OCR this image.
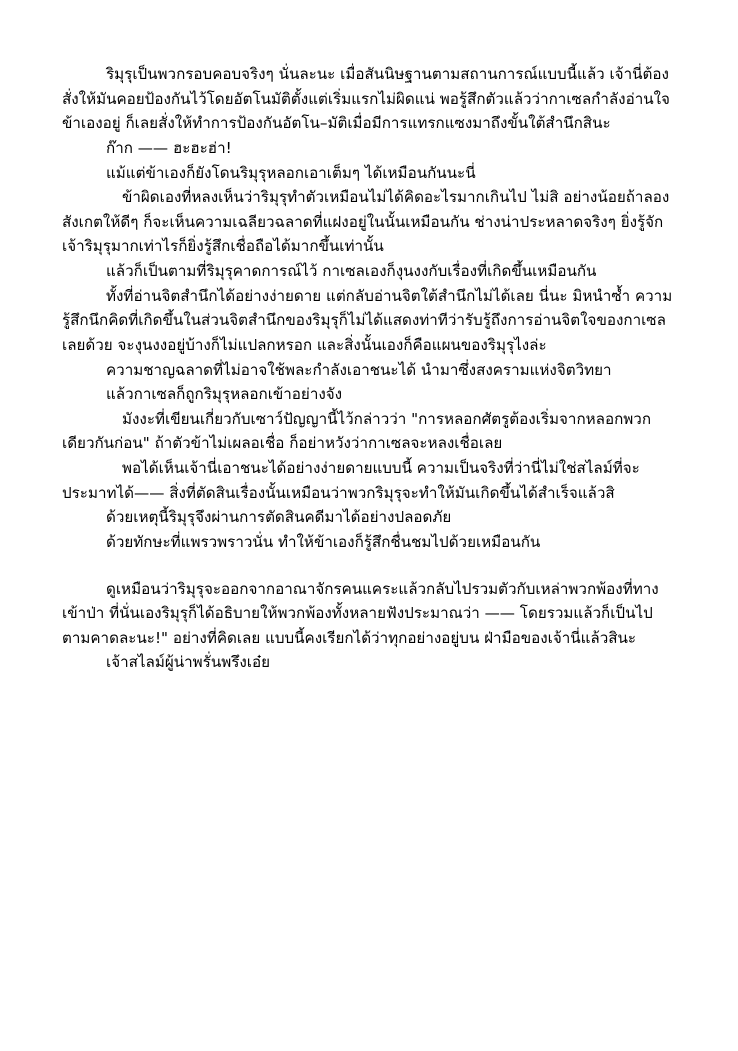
ริมุรุเป็นพวกรอบคอบจริงๆ นั่นละนะ เมื่อสันนิษฐานตามสถานการณ์แบบนี้แล้ว เจ้านี่ต้องสั่งให้มันคอยป้องกันไว้โดยอัตโนมัติตั้งแต่เริ่มแรกไม่ผิดแน่ พอรู้สึกตัวแล้วว่ากาเซลกำลังอ่านใจข้าเองอยู่ ก็เลยสั่งให้ทำการป้องกันอัตโน–มัติเมื่อมีการแทรกแซงมาถึงขั้นใต้สำนึกสินะ

ก๊าก —— ฮะฮะฮ่า!

แม้แต่ข้าเองก็ยังโดนริมุรุหลอกเอาเต็มๆ ได้เหมือนกันนะนี่

ข้าผิดเองที่หลงเห็นว่าริมุรุทำตัวเหมือนไม่ได้คิดอะไรมากเกินไป ไม่สิ อย่างน้อยถ้าลองสังเกตให้ดีๆ ก็จะเห็นความเฉลียวฉลาดที่แฝงอยู่ในนั้นเหมือนกัน ช่างน่าประหลาดจริงๆ ยิ่งรู้จักเจ้าริมุรุมากเท่าไรก็ยิ่งรู้สึกเชื่อถือได้มากขึ้นเท่านั้น

แล้วก็เป็นตามที่ริมุรุคาดการณ์ไว้ กาเซลเองก็งุนงงกับเรื่องที่เกิดขึ้นเหมือนกัน

ทั้งที่อ่านจิตสำนึกได้อย่างง่ายดาย แต่กลับอ่านจิตใต้สำนึกไม่ได้เลย นี่นะ มิหนำซ้ำ ความรู้สึกนึกคิดที่เกิดขึ้นในส่วนจิตสำนึกของริมุรุก็ไม่ได้แสดงท่าทีว่ารับรู้ถึงการอ่านจิตใจของกาเซลเลยด้วย จะงุนงงอยู่บ้างก็ไม่แปลกหรอก และสิ่งนั้นเองก็คือแผนของริมุรุไงล่ะ

ความชาญฉลาดที่ไม่อาจใช้พละกำลังเอาชนะได้ นำมาซึ่งสงครามแห่งจิตวิทยา

แล้วกาเซลก็ถูกริมุรุหลอกเข้าอย่างจัง

มังงะที่เขียนเกี่ยวกับเซาว์ปัญญานี้ไว้กล่าวว่า "การหลอกศัตรูต้องเริ่มจากหลอกพวกเดียวกันก่อน" ถ้าตัวข้าไม่เผลอเชื่อ ก็อย่าหวังว่ากาเซลจะหลงเชื่อเลย

พอได้เห็นเจ้านี่เอาชนะได้อย่างง่ายดายแบบนี้ ความเป็นจริงที่ว่านี่ไม่ใช่สไลม์ที่จะประมาทได้—— สิ่งที่ตัดสินเรื่องนั้นเหมือนว่าพวกริมุรุจะทำให้มันเกิดขึ้นได้สำเร็จแล้วสิ

ด้วยเหตุนี้ริมุรุจึงผ่านการตัดสินคดีมาได้อย่างปลอดภัย

ด้วยทักษะที่แพรวพราวนั่น ทำให้ข้าเองก็รู้สึกชื่นชมไปด้วยเหมือนกัน

ดูเหมือนว่าริมุรุจะออกจากอาณาจักรคนแคระแล้วกลับไปรวมตัวกับเหล่าพวกพ้องที่ทางเข้าป่า ที่นั่นเองริมุรุก็ได้อธิบายให้พวกพ้องทั้งหลายฟังประมาณว่า —— โดยรวมแล้วก็เป็นไปตามคาดละนะ!" อย่างที่คิดเลย แบบนี้คงเรียกได้ว่าทุกอย่างอยู่บน ฝ่ามือของเจ้านี่แล้วสินะ

เจ้าสไลม์ผู้น่าพรั่นพรึงเอ๋ย
